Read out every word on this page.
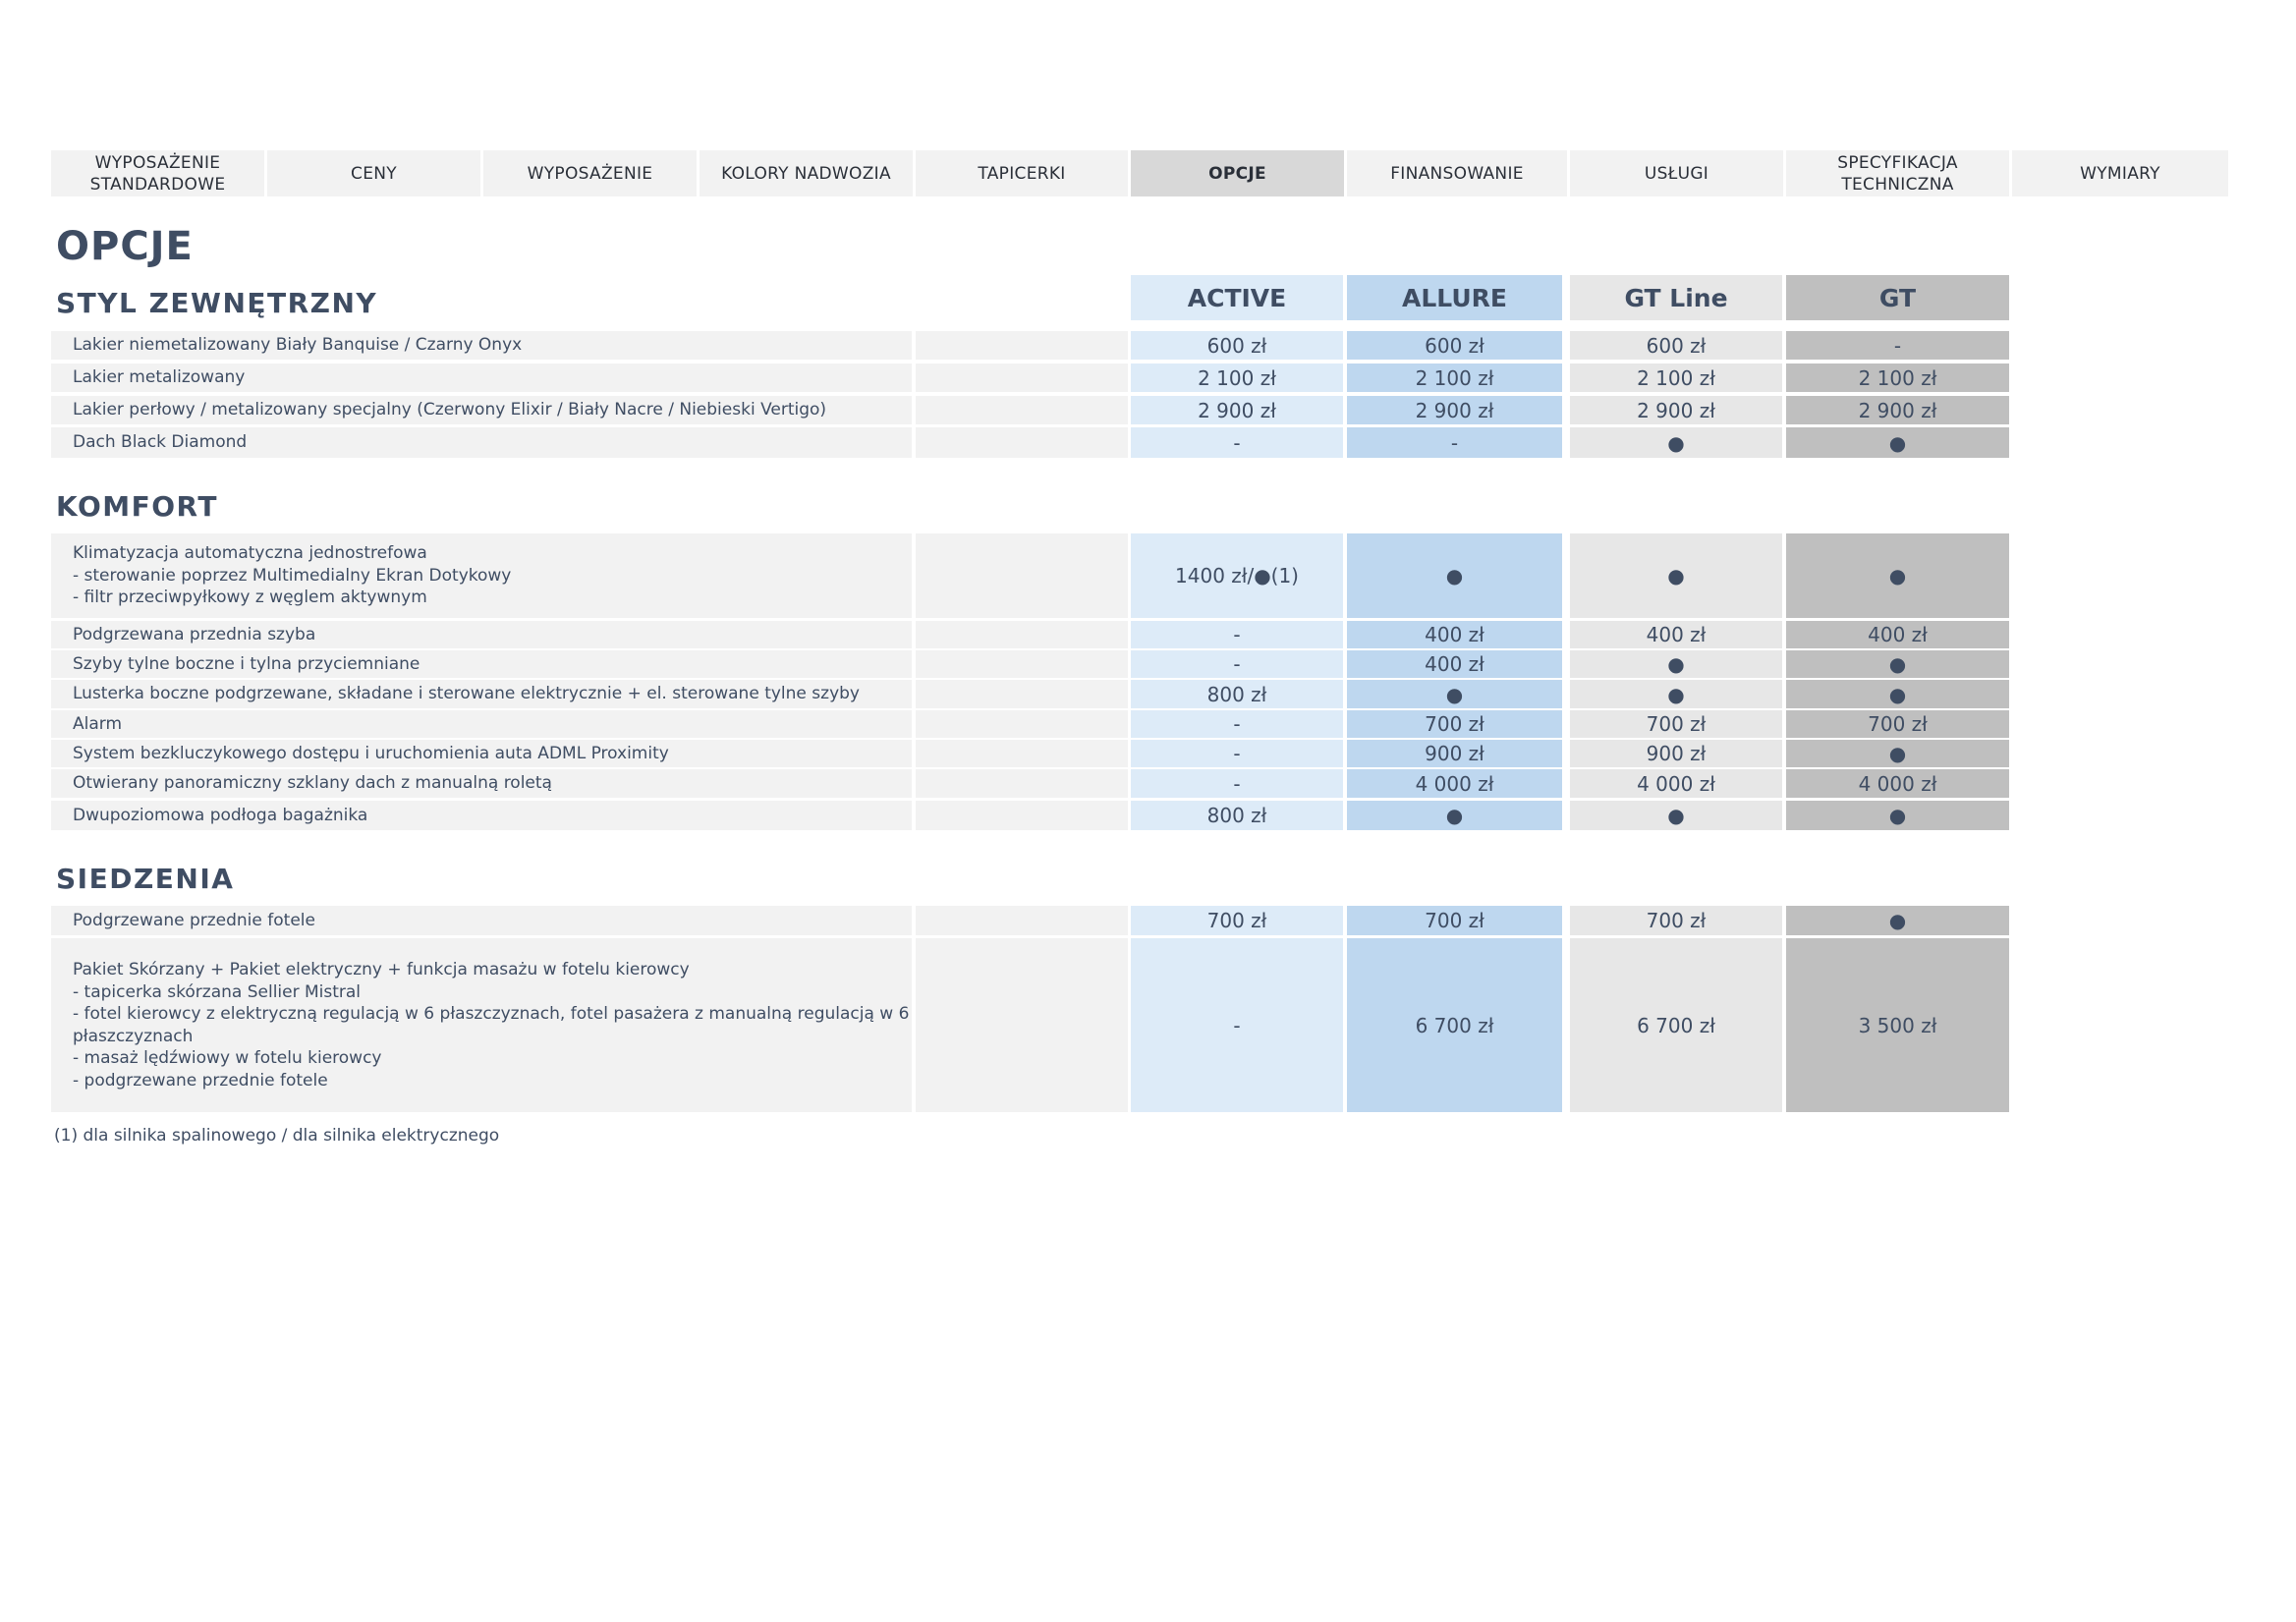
WYPOSAŻENIE
STANDARDOWE
CENY	WYPOSAŻENIE	KOLORY NADWOZIA	TAPICERKI	OPCJE	FINANSOWANIE	USŁUGI
SPECYFIKACJA
TECHNICZNA
WYMIARY
OPCJE
ACTIVE	ALLURE	GT Line	GT
STYL ZEWNĘTRZNY
Lakier niemetalizowany Biały Banquise / Czarny Onyx	600 zł	600 zł	600 zł	-
Lakier metalizowany	2 100 zł	2 100 zł	2 100 zł	2 100 zł
Lakier perłowy / metalizowany specjalny (Czerwony Elixir / Biały Nacre / Niebieski Vertigo)	2 900 zł	2 900 zł	2 900 zł	2 900 zł
Dach Black Diamond	-	-	●	●
KOMFORT
Klimatyzacja automatyczna jednostrefowa
- sterowanie poprzez Multimedialny Ekran Dotykowy
- filtr przeciwpyłkowy z węglem aktywnym
1400 zł/●(1)	●	●	●
Podgrzewana przednia szyba	-	400 zł	400 zł	400 zł
Szyby tylne boczne i tylna przyciemniane	-	400 zł	●	●
Lusterka boczne podgrzewane, składane i sterowane elektrycznie + el. sterowane tylne szyby	800 zł	●	●	●
Alarm	-	700 zł	700 zł	700 zł
System bezkluczykowego dostępu i uruchomienia auta ADML Proximity	-	900 zł	900 zł	●
Otwierany panoramiczny szklany dach z manualną roletą	-	4 000 zł	4 000 zł	4 000 zł
Dwupoziomowa podłoga bagażnika	800 zł	●	●	●
SIEDZENIA
Podgrzewane przednie fotele	700 zł	700 zł	700 zł	●
Pakiet Skórzany + Pakiet elektryczny + funkcja masażu w fotelu kierowcy
- tapicerka skórzana Sellier Mistral
- fotel kierowcy z elektryczną regulacją w 6 płaszczyznach, fotel pasażera z manualną regulacją w 6
płaszczyznach
- masaż lędźwiowy w fotelu kierowcy
- podgrzewane przednie fotele
-	6 700 zł	6 700 zł	3 500 zł
(1) dla silnika spalinowego / dla silnika elektrycznego
